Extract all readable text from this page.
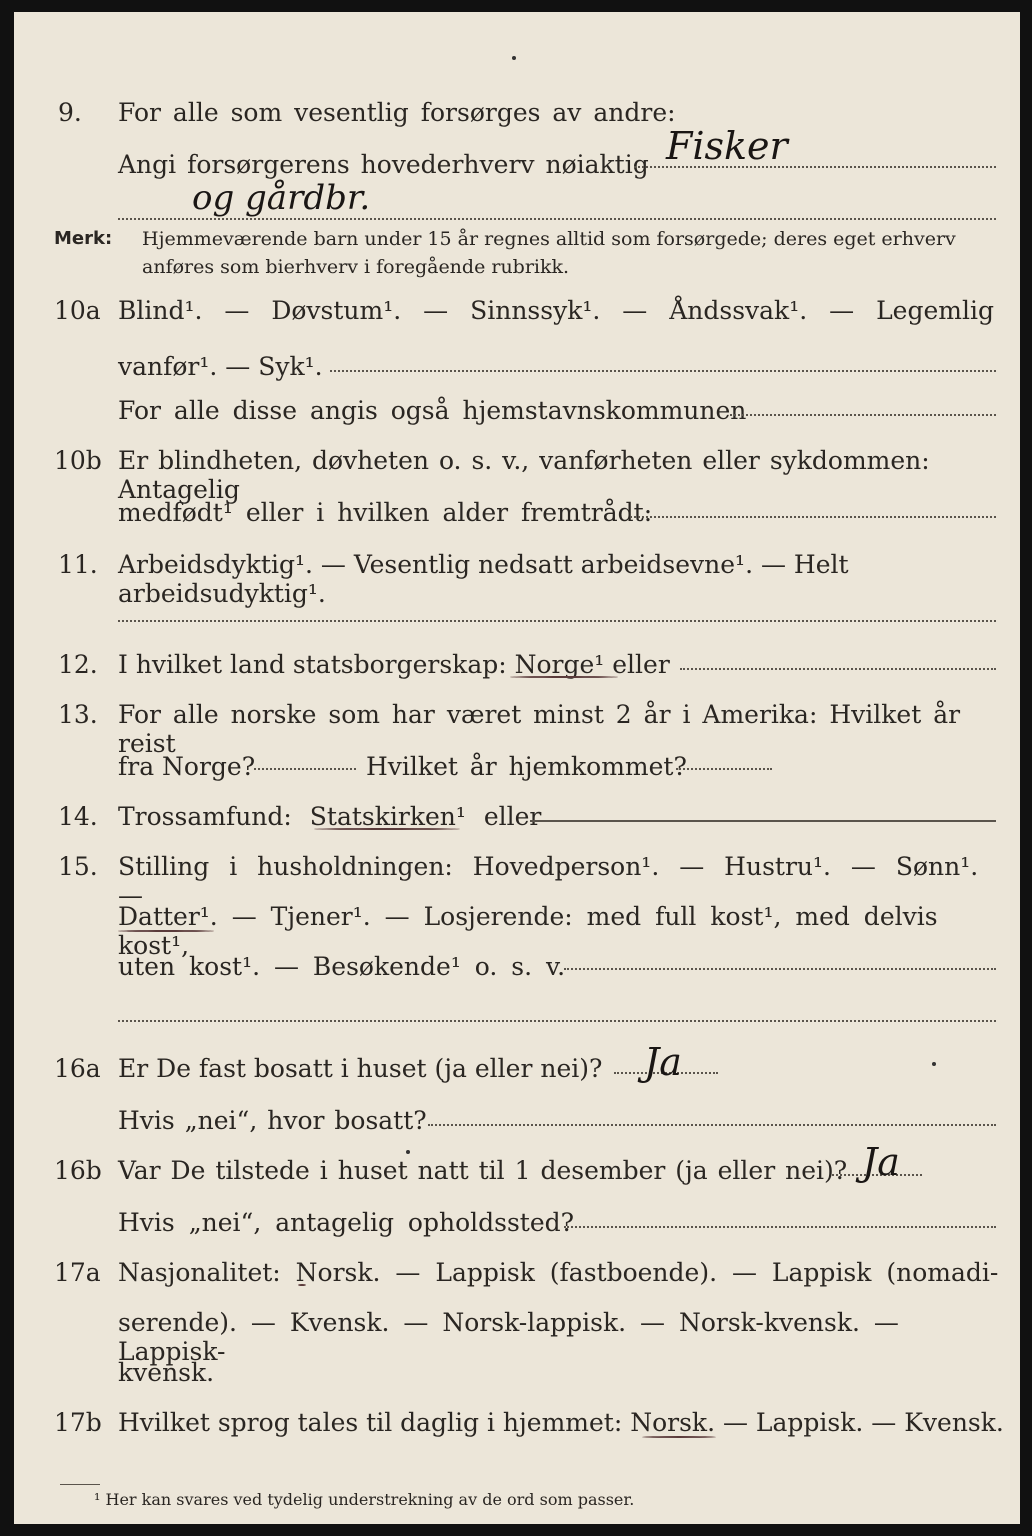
9. For alle som vesentlig forsørges av andre:
Angi forsørgerens hovederhverv nøiaktig Fisker
og gårdbr.
Merk: Hjemmeværende barn under 15 år regnes alltid som forsørgede; deres eget erhverv
anføres som bierhverv i foregående rubrikk.
10a Blind¹. — Døvstum¹. — Sinnssyk¹. — Åndssvak¹. — Legemlig
vanfør¹. — Syk¹.
For alle disse angis også hjemstavnskommunen
10b Er blindheten, døvheten o. s. v., vanførheten eller sykdommen: Antagelig
medfødt¹ eller i hvilken alder fremtrådt:
11. Arbeidsdyktig¹. — Vesentlig nedsatt arbeidsevne¹. — Helt arbeidsudyktig¹.
12. I hvilket land statsborgerskap: Norge¹ eller
13. For alle norske som har været minst 2 år i Amerika: Hvilket år reist
fra Norge?	Hvilket år hjemkommet?
14. Trossamfund: Statskirken¹ eller
15. Stilling i husholdningen: Hovedperson¹. — Hustru¹. — Sønn¹. —
Datter¹. — Tjener¹. — Losjerende: med full kost¹, med delvis kost¹,
uten kost¹. — Besøkende¹ o. s. v.
16a Er De fast bosatt i huset (ja eller nei)? Ja
Hvis „nei“, hvor bosatt?
16b Var De tilstede i huset natt til 1 desember (ja eller nei)? Ja
Hvis „nei“, antagelig opholdssted?
17a Nasjonalitet: Norsk. — Lappisk (fastboende). — Lappisk (nomadi-
serende). — Kvensk. — Norsk-lappisk. — Norsk-kvensk. — Lappisk-
kvensk.
17b Hvilket sprog tales til daglig i hjemmet: Norsk. — Lappisk. — Kvensk.
¹ Her kan svares ved tydelig understrekning av de ord som passer.
